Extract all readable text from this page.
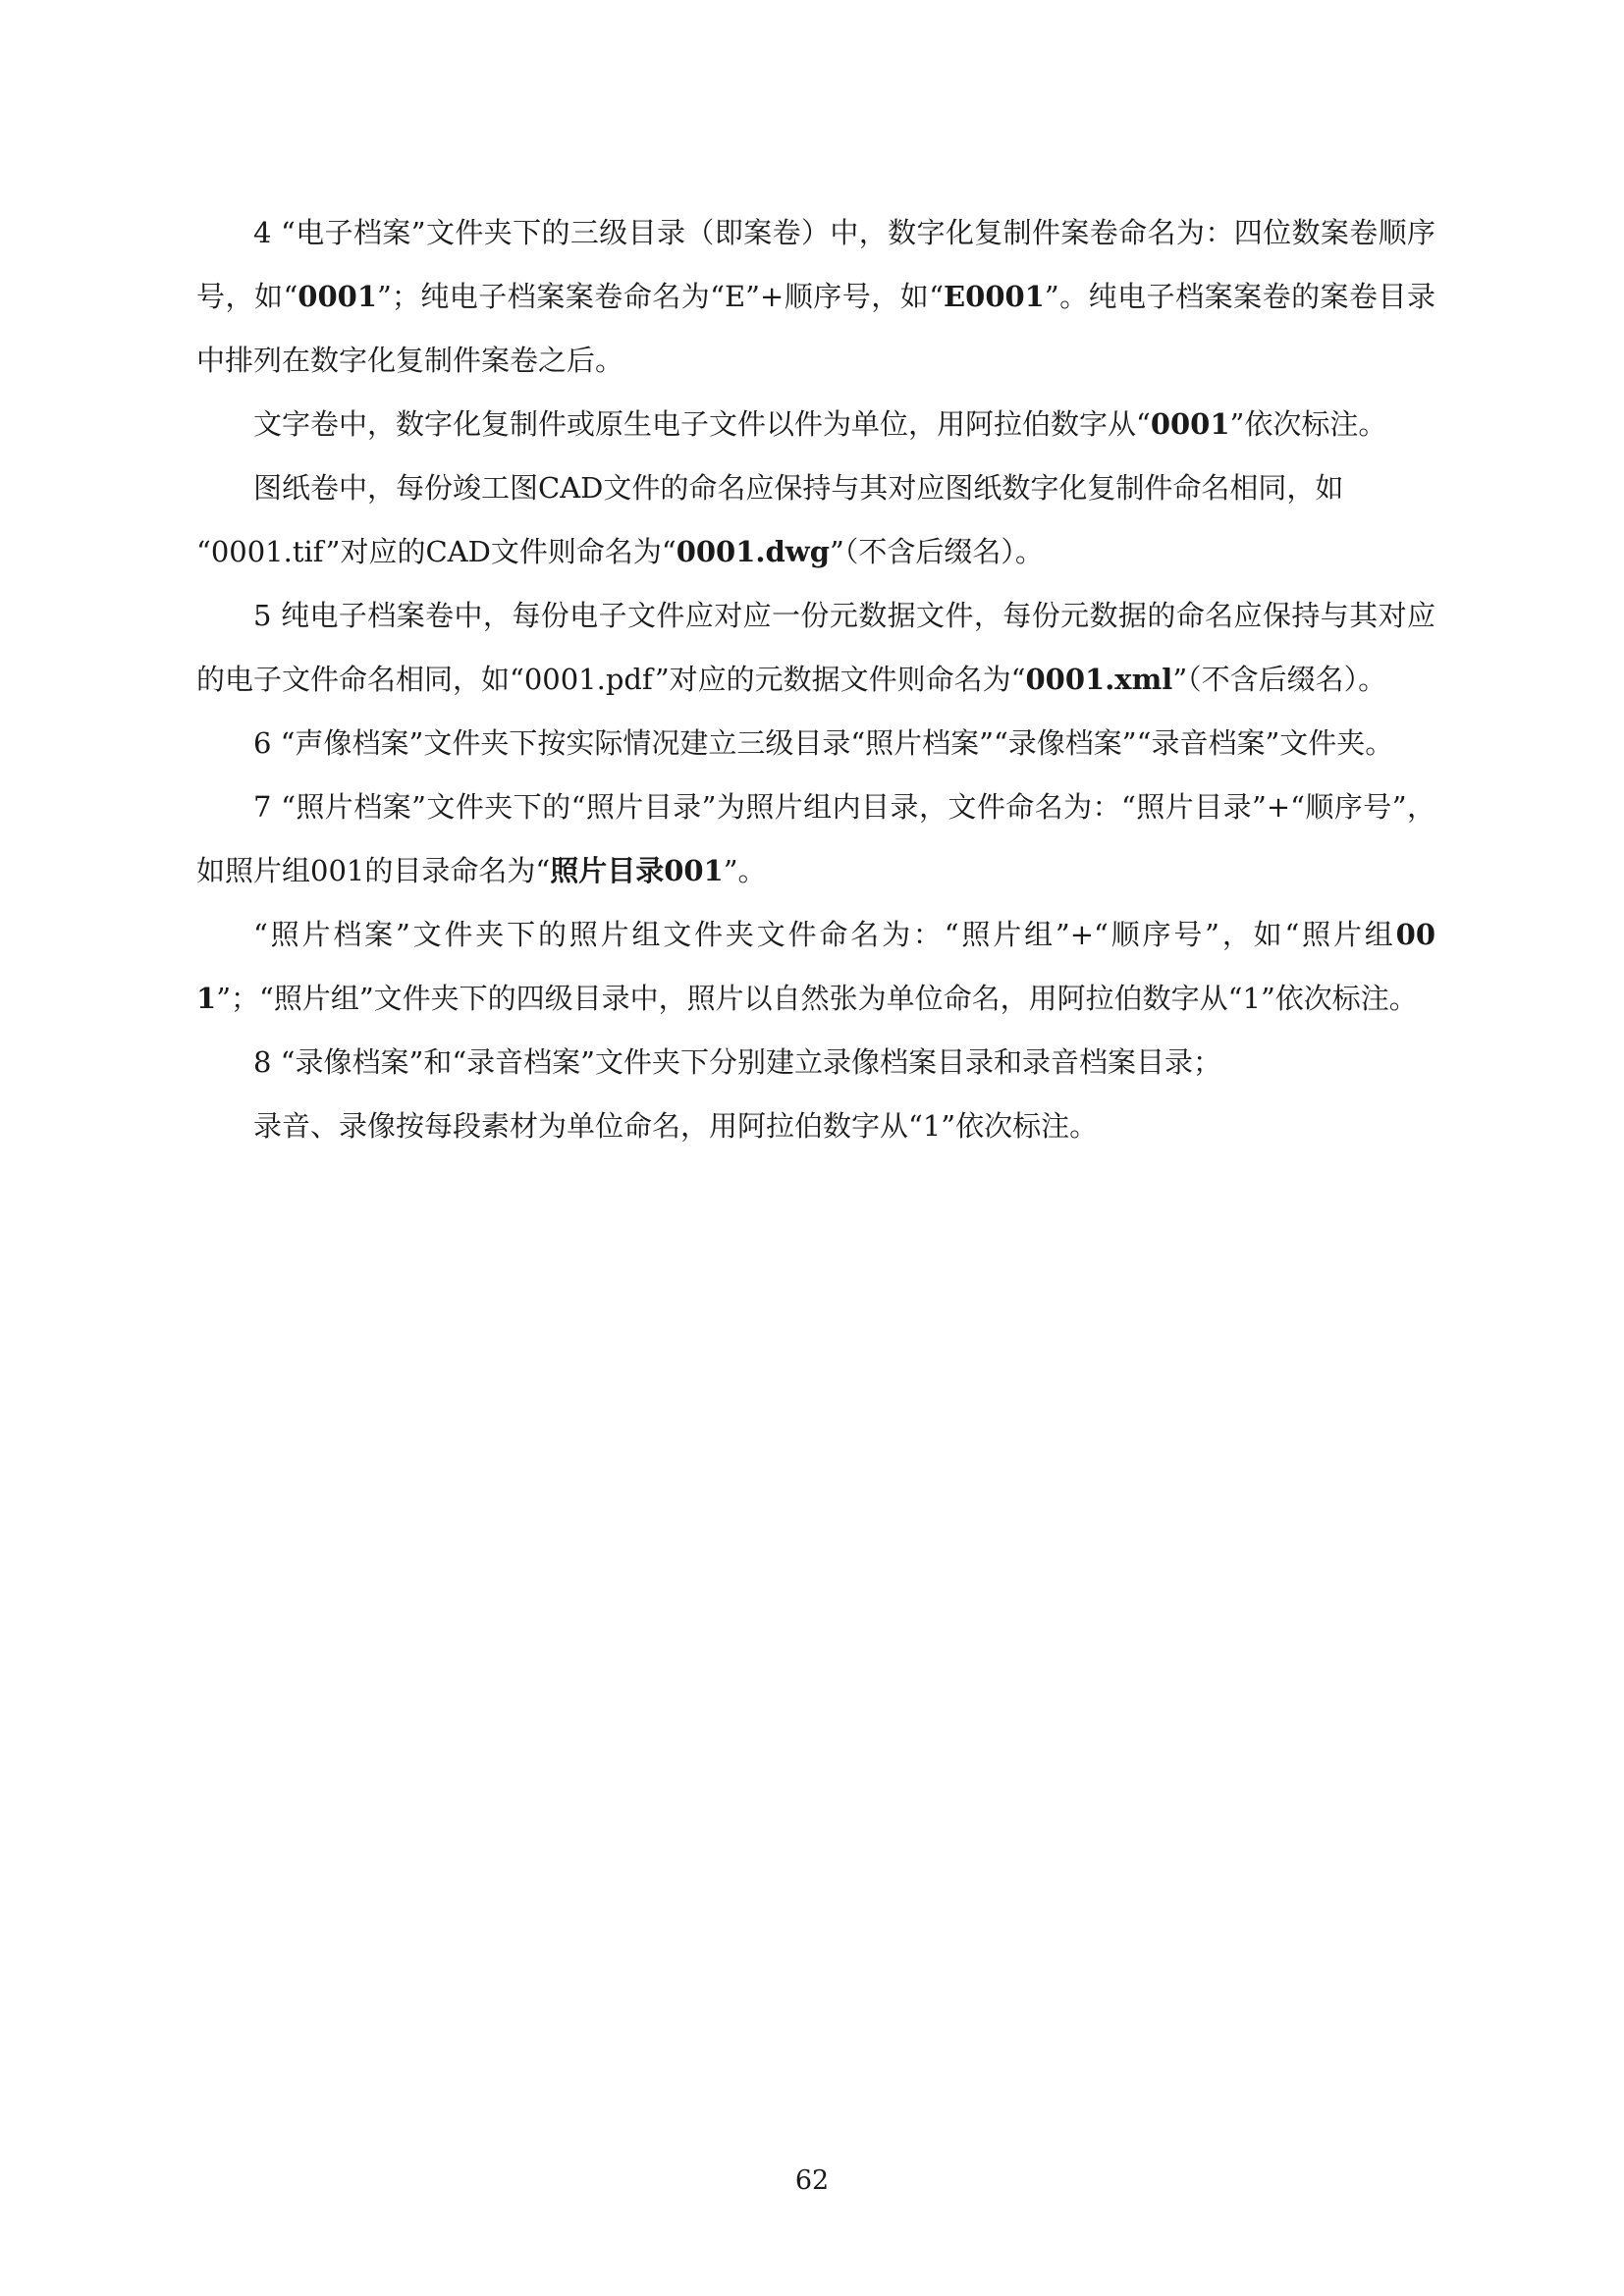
4 “电子档案”文件夹下的三级目录（即案卷）中，数字化复制件案卷命名为：四位数案卷顺序号，如“0001”；纯电子档案案卷命名为“E”+顺序号，如“E0001”。纯电子档案案卷的案卷目录中排列在数字化复制件案卷之后。

文字卷中，数字化复制件或原生电子文件以件为单位，用阿拉伯数字从“0001”依次标注。

图纸卷中，每份竣工图CAD文件的命名应保持与其对应图纸数字化复制件命名相同，如

“0001.tif”对应的CAD文件则命名为“0001.dwg”（不含后缀名）。

5 纯电子档案卷中，每份电子文件应对应一份元数据文件，每份元数据的命名应保持与其对应的电子文件命名相同，如“0001.pdf”对应的元数据文件则命名为“0001.xml”（不含后缀名）。

6 “声像档案”文件夹下按实际情况建立三级目录“照片档案”“录像档案”“录音档案”文件夹。

7 “照片档案”文件夹下的“照片目录”为照片组内目录，文件命名为：“照片目录”+“顺序号”，如照片组001的目录命名为“照片目录001”。

“照片档案”文件夹下的照片组文件夹文件命名为：“照片组”+“顺序号”，如“照片组001”；“照片组”文件夹下的四级目录中，照片以自然张为单位命名，用阿拉伯数字从“1”依次标注。

8 “录像档案”和“录音档案”文件夹下分别建立录像档案目录和录音档案目录；

录音、录像按每段素材为单位命名，用阿拉伯数字从“1”依次标注。

62
